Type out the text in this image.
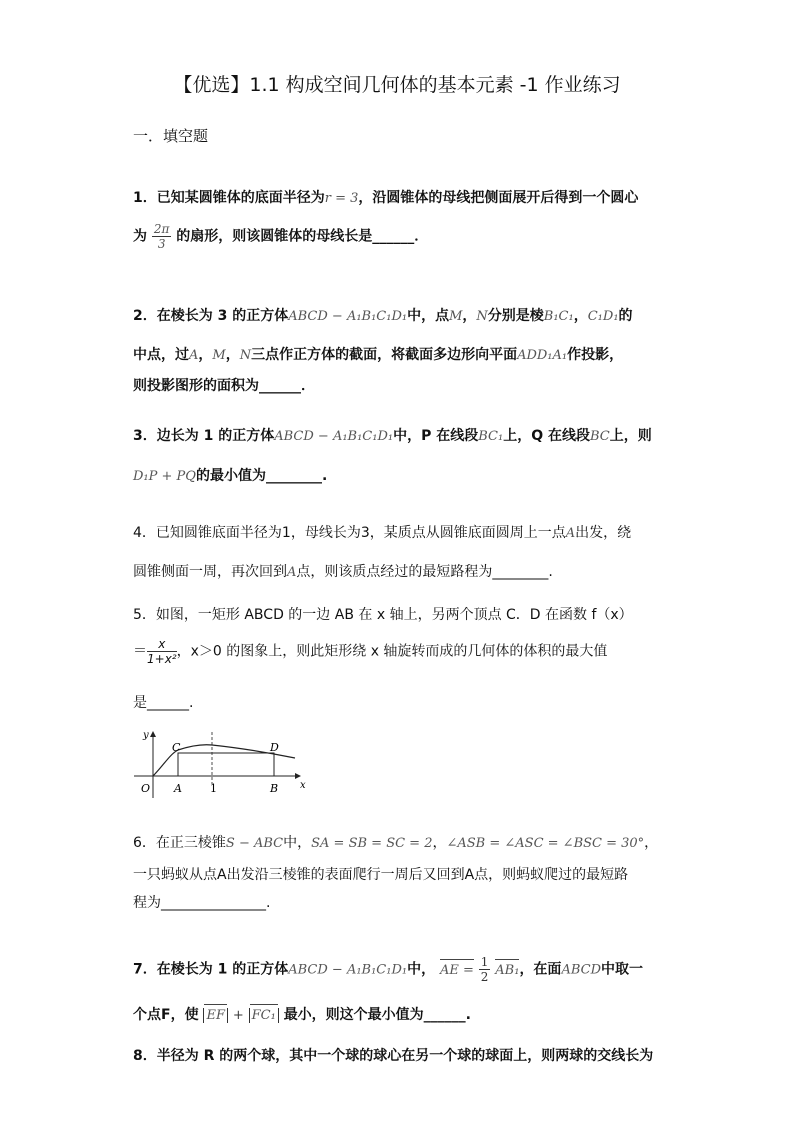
【优选】1.1 构成空间几何体的基本元素 -1 作业练习
一．填空题
1．已知某圆锥体的底面半径为r = 3，沿圆锥体的母线把侧面展开后得到一个圆心
为 $\frac{2\pi}{3}$ 的扇形，则该圆锥体的母线长是______．
2．在棱长为 3 的正方体ABCD − A₁B₁C₁D₁中，点M，N分别是棱B₁C₁，C₁D₁的
中点，过A，M，N三点作正方体的截面，将截面多边形向平面ADD₁A₁作投影，
则投影图形的面积为______．
3．边长为 1 的正方体ABCD − A₁B₁C₁D₁中，P 在线段BC₁上，Q 在线段BC上，则
D₁P + PQ的最小值为________.
4．已知圆锥底面半径为1，母线长为3，某质点从圆锥底面圆周上一点A出发，绕
圆锥侧面一周，再次回到A点，则该质点经过的最短路程为________.
5．如图，一矩形 ABCD 的一边 AB 在 x 轴上，另两个顶点 C．D 在函数 f（x）
＝ $\frac{x}{\text{1+x²}}$ ，x＞0 的图象上，则此矩形绕 x 轴旋转而成的几何体的体积的最大值
是______.
y
C	D
O A	1	B x
6．在正三棱锥S − ABC中，SA = SB = SC = 2，∠ASB = ∠ASC = ∠BSC = 30°，
一只蚂蚁从点A出发沿三棱锥的表面爬行一周后又回到A点，则蚂蚁爬过的最短路
程为_______________.
7．在棱长为 1 的正方体ABCD − A₁B₁C₁D₁中， AE = $\frac{1}{2} AB_1$，在面ABCD中取一
个点F，使 EF + FC₁ 最小，则这个最小值为______.
8．半径为 R 的两个球，其中一个球的球心在另一个球的球面上，则两球的交线长为
